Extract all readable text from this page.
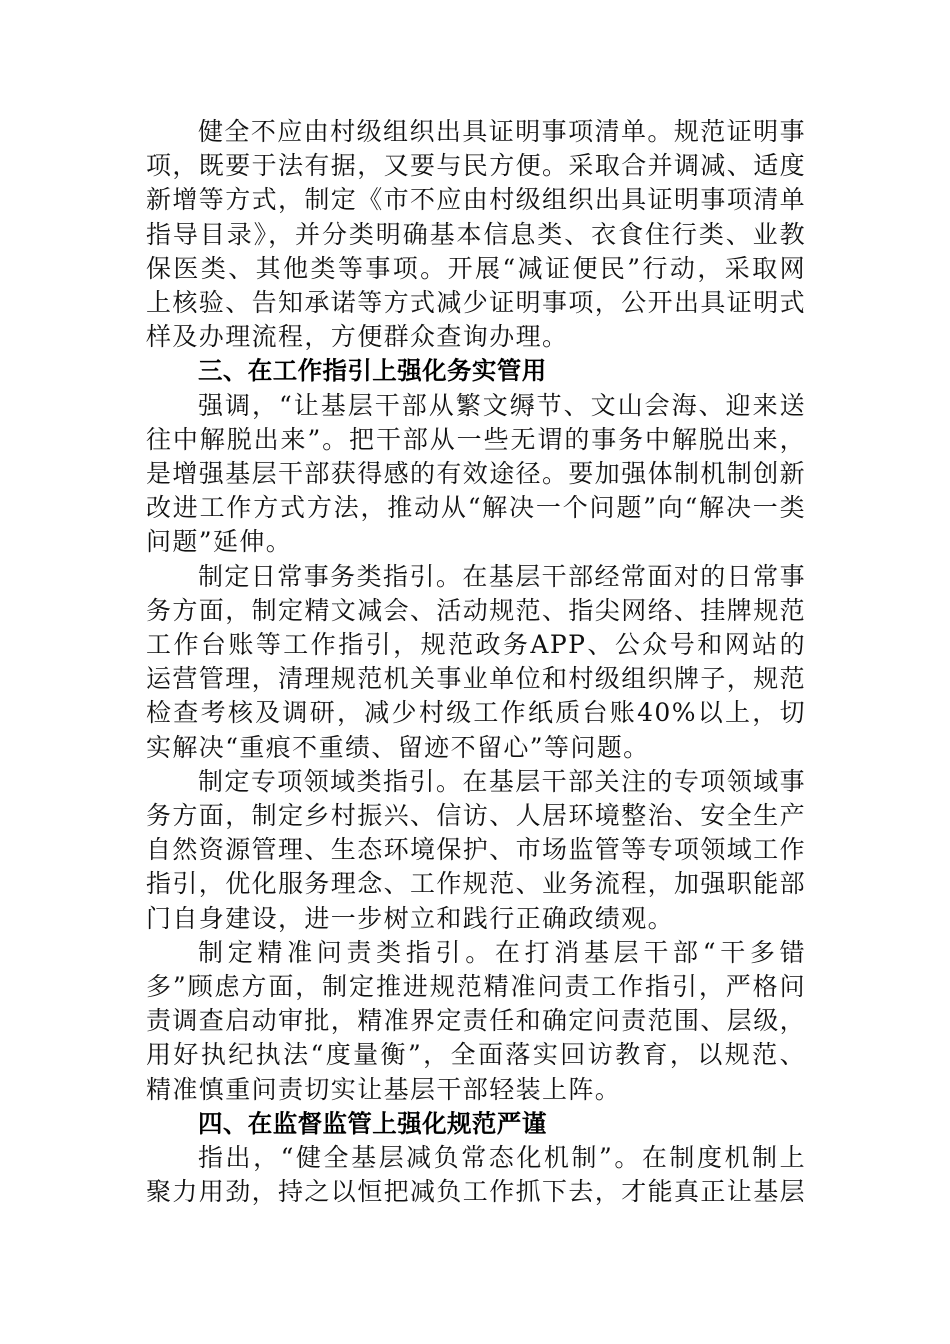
健全不应由村级组织出具证明事项清单。规范证明事项，既要于法有据，又要与民方便。采取合并调减、适度新增等方式，制定《市不应由村级组织出具证明事项清单指导目录》，并分类明确基本信息类、衣食住行类、业教保医类、其他类等事项。开展“减证便民”行动，采取网上核验、告知承诺等方式减少证明事项，公开出具证明式样及办理流程，方便群众查询办理。

三、在工作指引上强化务实管用

强调，“让基层干部从繁文缛节、文山会海、迎来送往中解脱出来”。把干部从一些无谓的事务中解脱出来，是增强基层干部获得感的有效途径。要加强体制机制创新改进工作方式方法，推动从“解决一个问题”向“解决一类问题”延伸。

制定日常事务类指引。在基层干部经常面对的日常事务方面，制定精文减会、活动规范、指尖网络、挂牌规范工作台账等工作指引，规范政务APP、公众号和网站的运营管理，清理规范机关事业单位和村级组织牌子，规范检查考核及调研，减少村级工作纸质台账40%以上，切实解决“重痕不重绩、留迹不留心”等问题。

制定专项领域类指引。在基层干部关注的专项领域事务方面，制定乡村振兴、信访、人居环境整治、安全生产自然资源管理、生态环境保护、市场监管等专项领域工作指引，优化服务理念、工作规范、业务流程，加强职能部门自身建设，进一步树立和践行正确政绩观。

制定精准问责类指引。在打消基层干部“干多错多”顾虑方面，制定推进规范精准问责工作指引，严格问责调查启动审批，精准界定责任和确定问责范围、层级，用好执纪执法“度量衡”，全面落实回访教育，以规范、精准慎重问责切实让基层干部轻装上阵。

四、在监督监管上强化规范严谨

指出，“健全基层减负常态化机制”。在制度机制上聚力用劲，持之以恒把减负工作抓下去，才能真正让基层
